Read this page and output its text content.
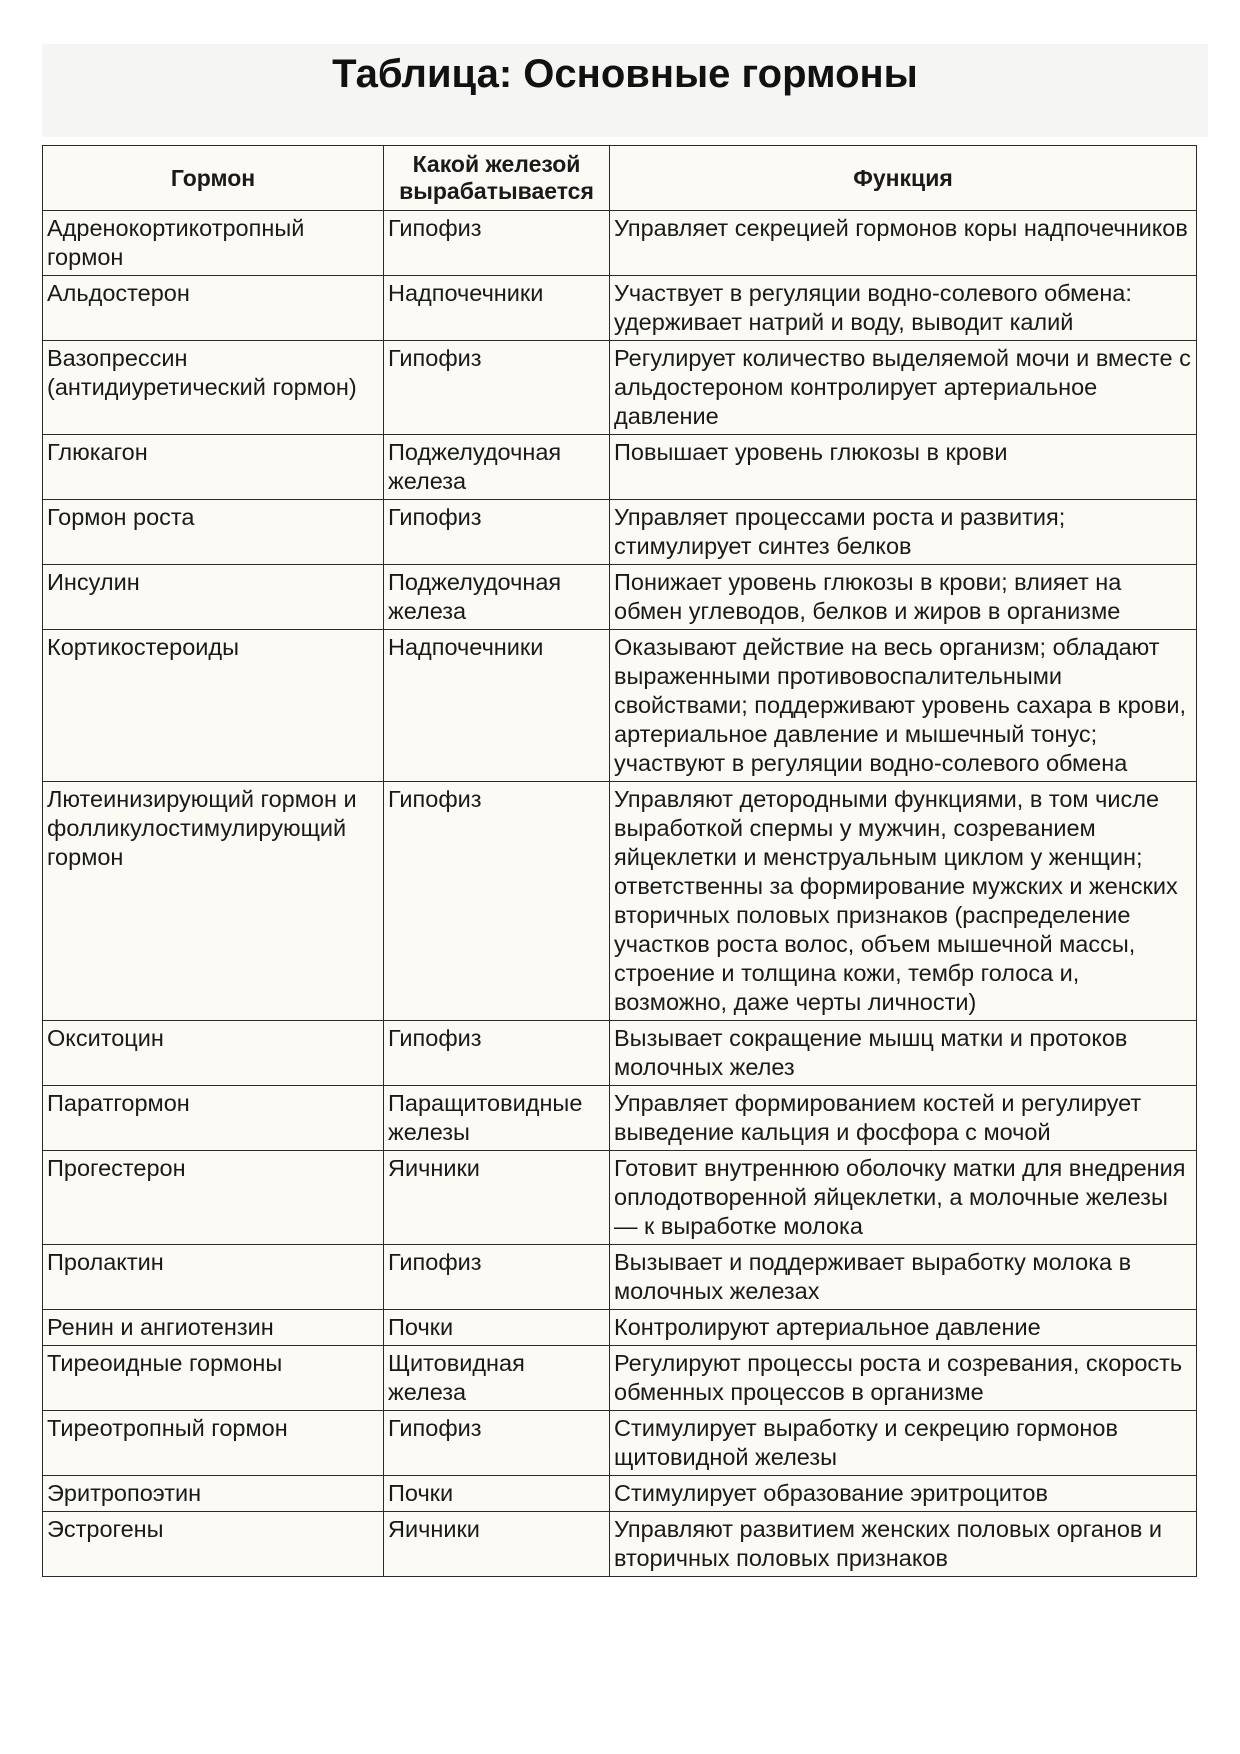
Таблица: Основные гормоны
Гормон	Какой железой вырабатывается	Функция
Адренокортикотропный гормон	Гипофиз	Управляет секрецией гормонов коры надпочечников
Альдостерон	Надпочечники	Участвует в регуляции водно-солевого обмена: удерживает натрий и воду, выводит калий
Вазопрессин (антидиуретический гормон)	Гипофиз	Регулирует количество выделяемой мочи и вместе с альдостероном контролирует артериальное давление
Глюкагон	Поджелудочная железа	Повышает уровень глюкозы в крови
Гормон роста	Гипофиз	Управляет процессами роста и развития; стимулирует синтез белков
Инсулин	Поджелудочная железа	Понижает уровень глюкозы в крови; влияет на обмен углеводов, белков и жиров в организме
Кортикостероиды	Надпочечники	Оказывают действие на весь организм; обладают выраженными противовоспалительными свойствами; поддерживают уровень сахара в крови, артериальное давление и мышечный тонус; участвуют в регуляции водно-солевого обмена
Лютеинизирующий гормон и фолликулостимулирующий гормон	Гипофиз	Управляют детородными функциями, в том числе выработкой спермы у мужчин, созреванием яйцеклетки и менструальным циклом у женщин; ответственны за формирование мужских и женских вторичных половых признаков (распределение участков роста волос, объем мышечной массы, строение и толщина кожи, тембр голоса и, возможно, даже черты личности)
Окситоцин	Гипофиз	Вызывает сокращение мышц матки и протоков молочных желез
Паратгормон	Паращитовидные железы	Управляет формированием костей и регулирует выведение кальция и фосфора с мочой
Прогестерон	Яичники	Готовит внутреннюю оболочку матки для внедрения оплодотворенной яйцеклетки, а молочные железы — к выработке молока
Пролактин	Гипофиз	Вызывает и поддерживает выработку молока в молочных железах
Ренин и ангиотензин	Почки	Контролируют артериальное давление
Тиреоидные гормоны	Щитовидная железа	Регулируют процессы роста и созревания, скорость обменных процессов в организме
Тиреотропный гормон	Гипофиз	Стимулирует выработку и секрецию гормонов щитовидной железы
Эритропоэтин	Почки	Стимулирует образование эритроцитов
Эстрогены	Яичники	Управляют развитием женских половых органов и вторичных половых признаков
